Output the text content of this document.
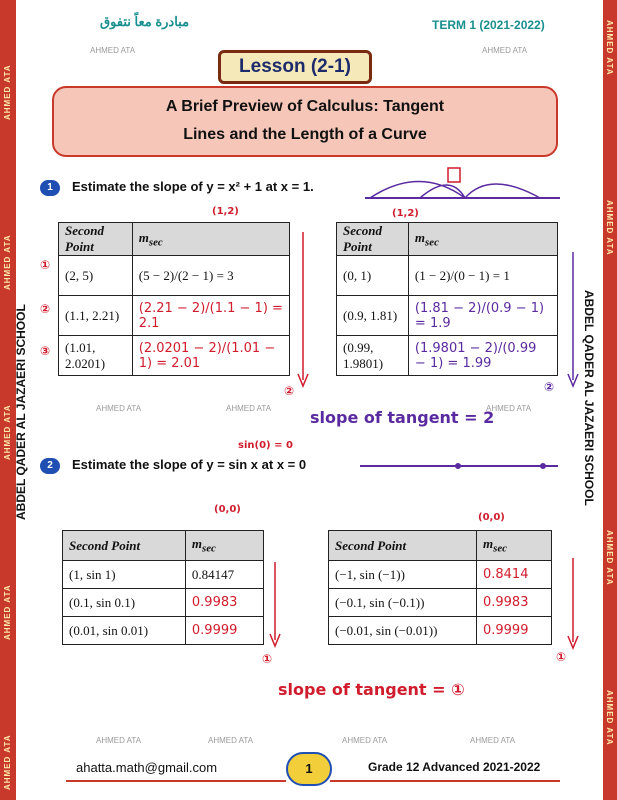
AHMED ATA
AHMED ATA
AHMED ATA
AHMED ATA
AHMED ATA
AHMED ATA
AHMED ATA
AHMED ATA
AHMED ATA
ABDEL QADER AL JAZAERI SCHOOL	ABDEL QADER AL JAZAERI SCHOOL
مبادرة معاً نتفوق	TERM 1 (2021-2022)
AHMED ATA	AHMED ATA
Lesson (2-1)
A Brief Preview of Calculus: Tangent
Lines and the Length of a Curve
1	Estimate the slope of y = x² + 1 at x = 1.
(1,2)	(1,2)
Second Point	$m_{sec}$
(2, 5)	(5 − 2)/(2 − 1) = 3
(1.1, 2.21)	(2.21 − 2)/(1.1 − 1) = 2.1
(1.01, 2.0201)	(2.0201 − 2)/(1.01 − 1) = 2.01
①
②
③
Second Point	$m_{sec}$
(0, 1)	(1 − 2)/(0 − 1) = 1
(0.9, 1.81)	(1.81 − 2)/(0.9 − 1) = 1.9
(0.99, 1.9801)	(1.9801 − 2)/(0.99 − 1) = 1.99
②	②
AHMED ATA	AHMED ATA	AHMED ATA
slope of tangent = 2
sin(0) = 0
2	Estimate the slope of y = sin x at x = 0
(0,0)
(0,0)
Second Point	$m_{sec}$
(1, sin 1)	0.84147
(0.1, sin 0.1)	0.9983
(0.01, sin 0.01)	0.9999
Second Point	$m_{sec}$
(−1, sin (−1))	0.8414
(−0.1, sin (−0.1))	0.9983
(−0.01, sin (−0.01))	0.9999
①	①
slope of tangent = ①
AHMED ATA	AHMED ATA	AHMED ATA	AHMED ATA
ahatta.math@gmail.com	1	Grade 12 Advanced 2021-2022
